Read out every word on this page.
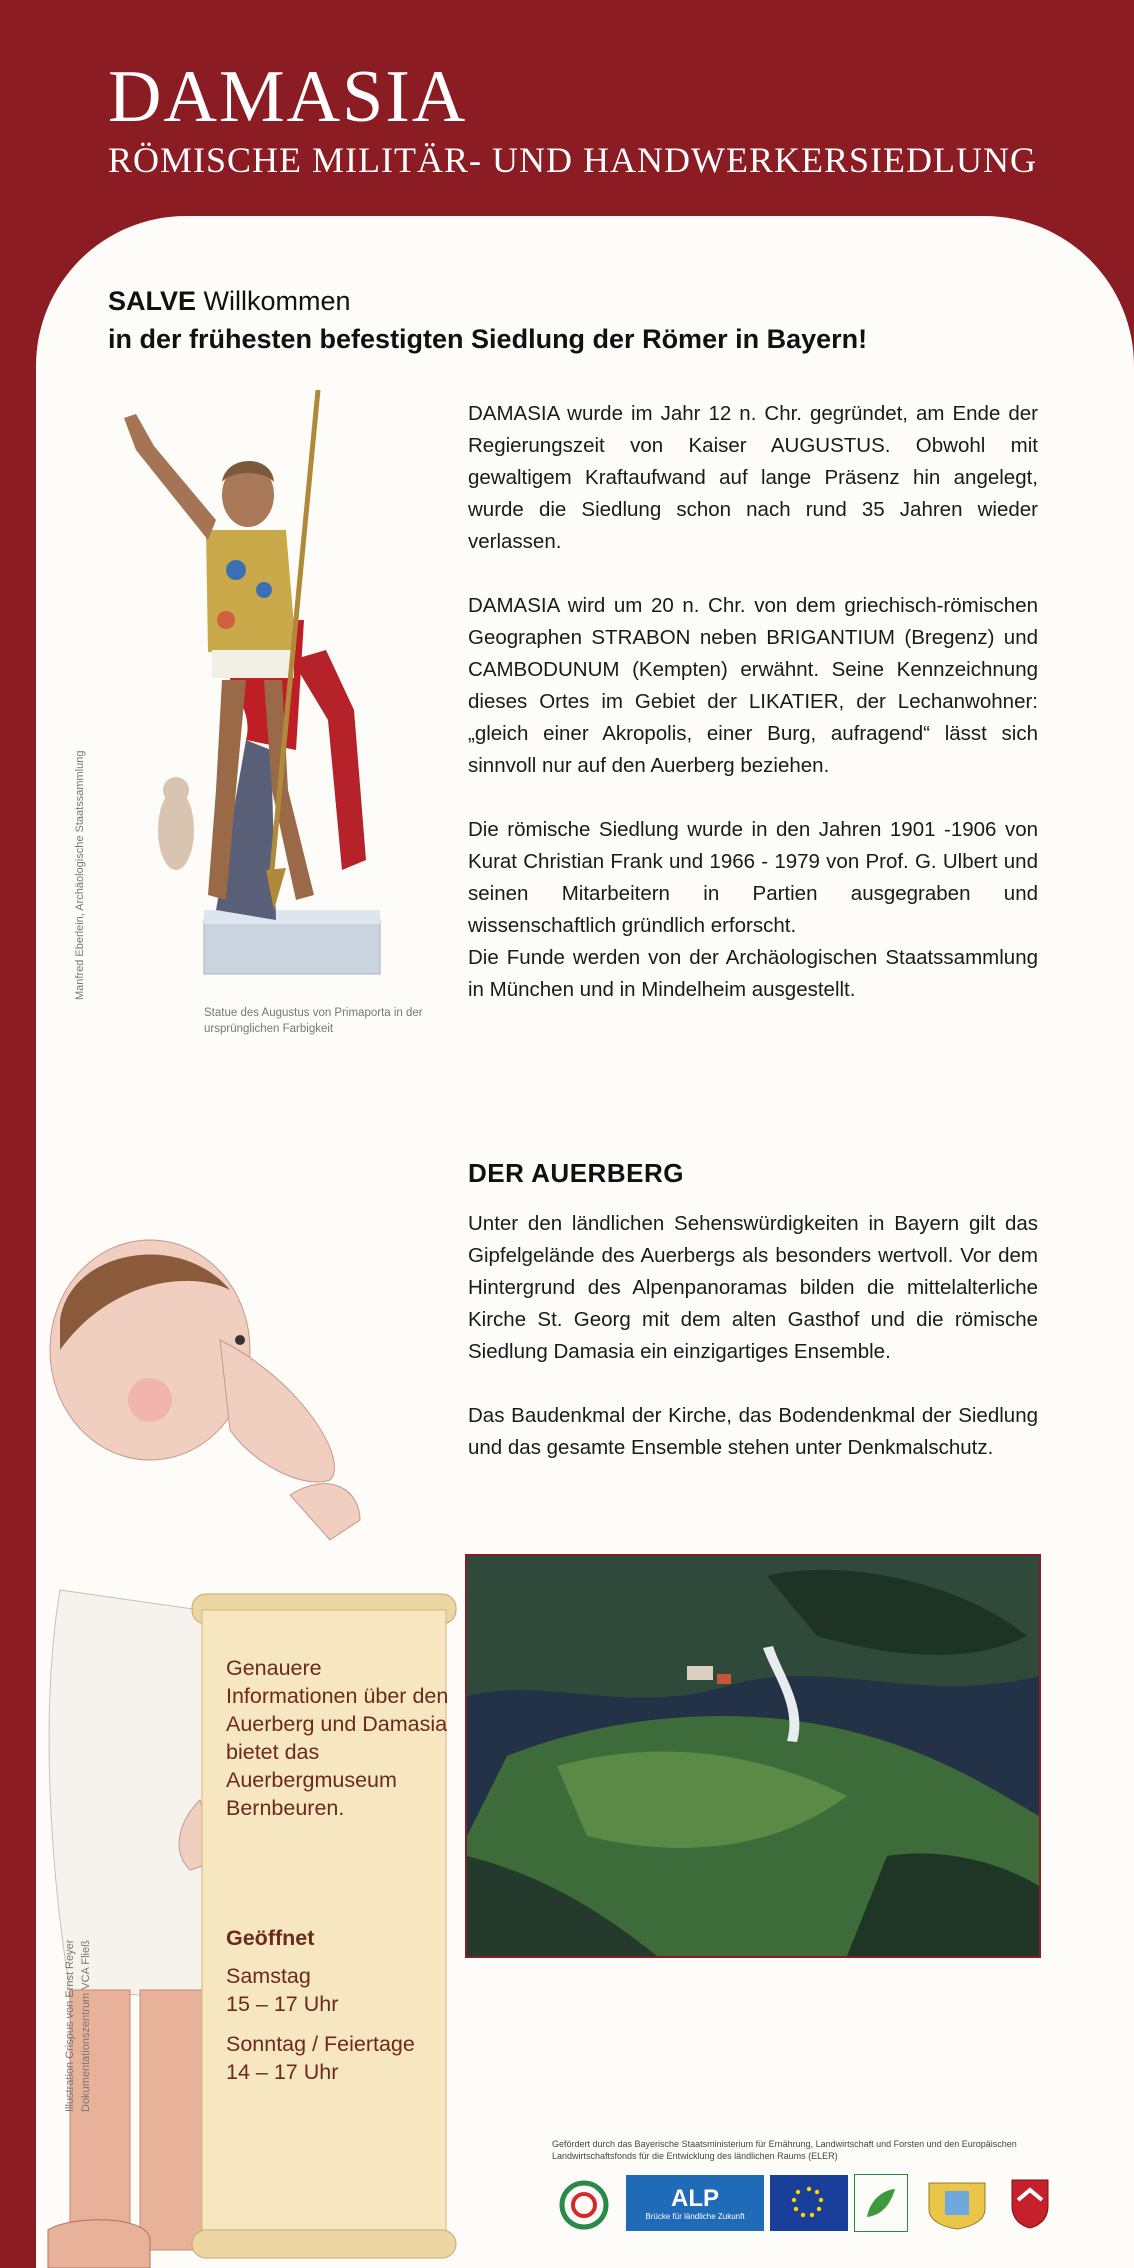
DAMASIA
RÖMISCHE MILITÄR- UND HANDWERKERSIEDLUNG

SALVE Willkommen
in der frühesten befestigten Siedlung der Römer in Bayern!

Manfred Eberlein, Archäologische Staatssammlung
Statue des Augustus von Primaporta in der ursprünglichen Farbigkeit

DAMASIA wurde im Jahr 12 n. Chr. gegründet, am Ende der Regierungszeit von Kaiser AUGUSTUS. Obwohl mit gewaltigem Kraftaufwand auf lange Präsenz hin angelegt, wurde die Siedlung schon nach rund 35 Jahren wieder verlassen.

DAMASIA wird um 20 n. Chr. von dem griechisch-römischen Geographen STRABON neben BRIGANTIUM (Bregenz) und CAMBODUNUM (Kempten) erwähnt. Seine Kennzeichnung dieses Ortes im Gebiet der LIKATIER, der Lechanwohner: „gleich einer Akropolis, einer Burg, aufragend“ lässt sich sinnvoll nur auf den Auerberg beziehen.

Die römische Siedlung wurde in den Jahren 1901 -1906 von Kurat Christian Frank und 1966 - 1979 von Prof. G. Ulbert und seinen Mitarbeitern in Partien ausgegraben und wissenschaftlich gründlich erforscht.

Die Funde werden von der Archäologischen Staatssammlung in München und in Mindelheim ausgestellt.

DER AUERBERG

Unter den ländlichen Sehenswürdigkeiten in Bayern gilt das Gipfelgelände des Auerbergs als besonders wertvoll. Vor dem Hintergrund des Alpenpanoramas bilden die mittelalterliche Kirche St. Georg mit dem alten Gasthof und die römische Siedlung Damasia ein einzigartiges Ensemble.

Das Baudenkmal der Kirche, das Bodendenkmal der Siedlung und das gesamte Ensemble stehen unter Denkmalschutz.

Genauere Informationen über den Auerberg und Damasia bietet das Auerbergmuseum Bernbeuren.
Geöffnet
Samstag
15 – 17 Uhr
Sonntag / Feiertage
14 – 17 Uhr
Illustration Crispus von Ernst Reyer Dokumentationszentrum VCA Fließ
Gefördert durch das Bayerische Staatsministerium für Ernährung, Landwirtschaft und Forsten und den Europäischen Landwirtschaftsfonds für die Entwicklung des ländlichen Raums (ELER)
ALP
Brücke für ländliche Zukunft
